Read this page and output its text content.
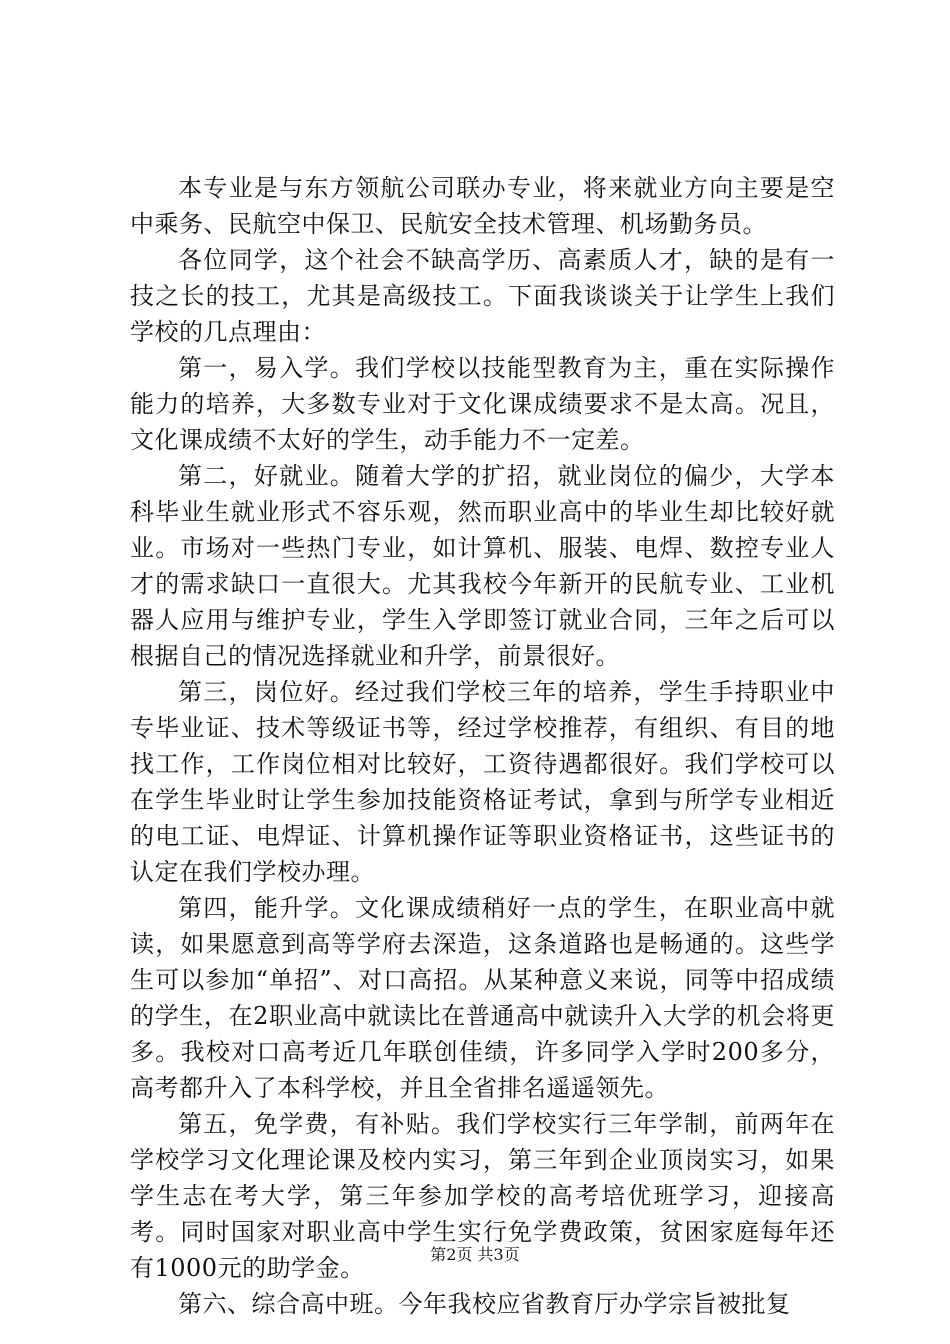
本专业是与东方领航公司联办专业，将来就业方向主要是空中乘务、民航空中保卫、民航安全技术管理、机场勤务员。

各位同学，这个社会不缺高学历、高素质人才，缺的是有一技之长的技工，尤其是高级技工。下面我谈谈关于让学生上我们学校的几点理由：

第一，易入学。我们学校以技能型教育为主，重在实际操作能力的培养，大多数专业对于文化课成绩要求不是太高。况且，文化课成绩不太好的学生，动手能力不一定差。

第二，好就业。随着大学的扩招，就业岗位的偏少，大学本科毕业生就业形式不容乐观，然而职业高中的毕业生却比较好就业。市场对一些热门专业，如计算机、服装、电焊、数控专业人才的需求缺口一直很大。尤其我校今年新开的民航专业、工业机器人应用与维护专业，学生入学即签订就业合同，三年之后可以根据自己的情况选择就业和升学，前景很好。

第三，岗位好。经过我们学校三年的培养，学生手持职业中专毕业证、技术等级证书等，经过学校推荐，有组织、有目的地找工作，工作岗位相对比较好，工资待遇都很好。我们学校可以在学生毕业时让学生参加技能资格证考试，拿到与所学专业相近的电工证、电焊证、计算机操作证等职业资格证书，这些证书的认定在我们学校办理。

第四，能升学。文化课成绩稍好一点的学生，在职业高中就读，如果愿意到高等学府去深造，这条道路也是畅通的。这些学生可以参加“单招”、对口高招。从某种意义来说，同等中招成绩的学生，在2职业高中就读比在普通高中就读升入大学的机会将更多。我校对口高考近几年联创佳绩，许多同学入学时200多分，高考都升入了本科学校，并且全省排名遥遥领先。

第五，免学费，有补贴。我们学校实行三年学制，前两年在学校学习文化理论课及校内实习，第三年到企业顶岗实习，如果学生志在考大学，第三年参加学校的高考培优班学习，迎接高考。同时国家对职业高中学生实行免学费政策，贫困家庭每年还有1000元的助学金。

第六、综合高中班。今年我校应省教育厅办学宗旨被批复

第2页 共3页
